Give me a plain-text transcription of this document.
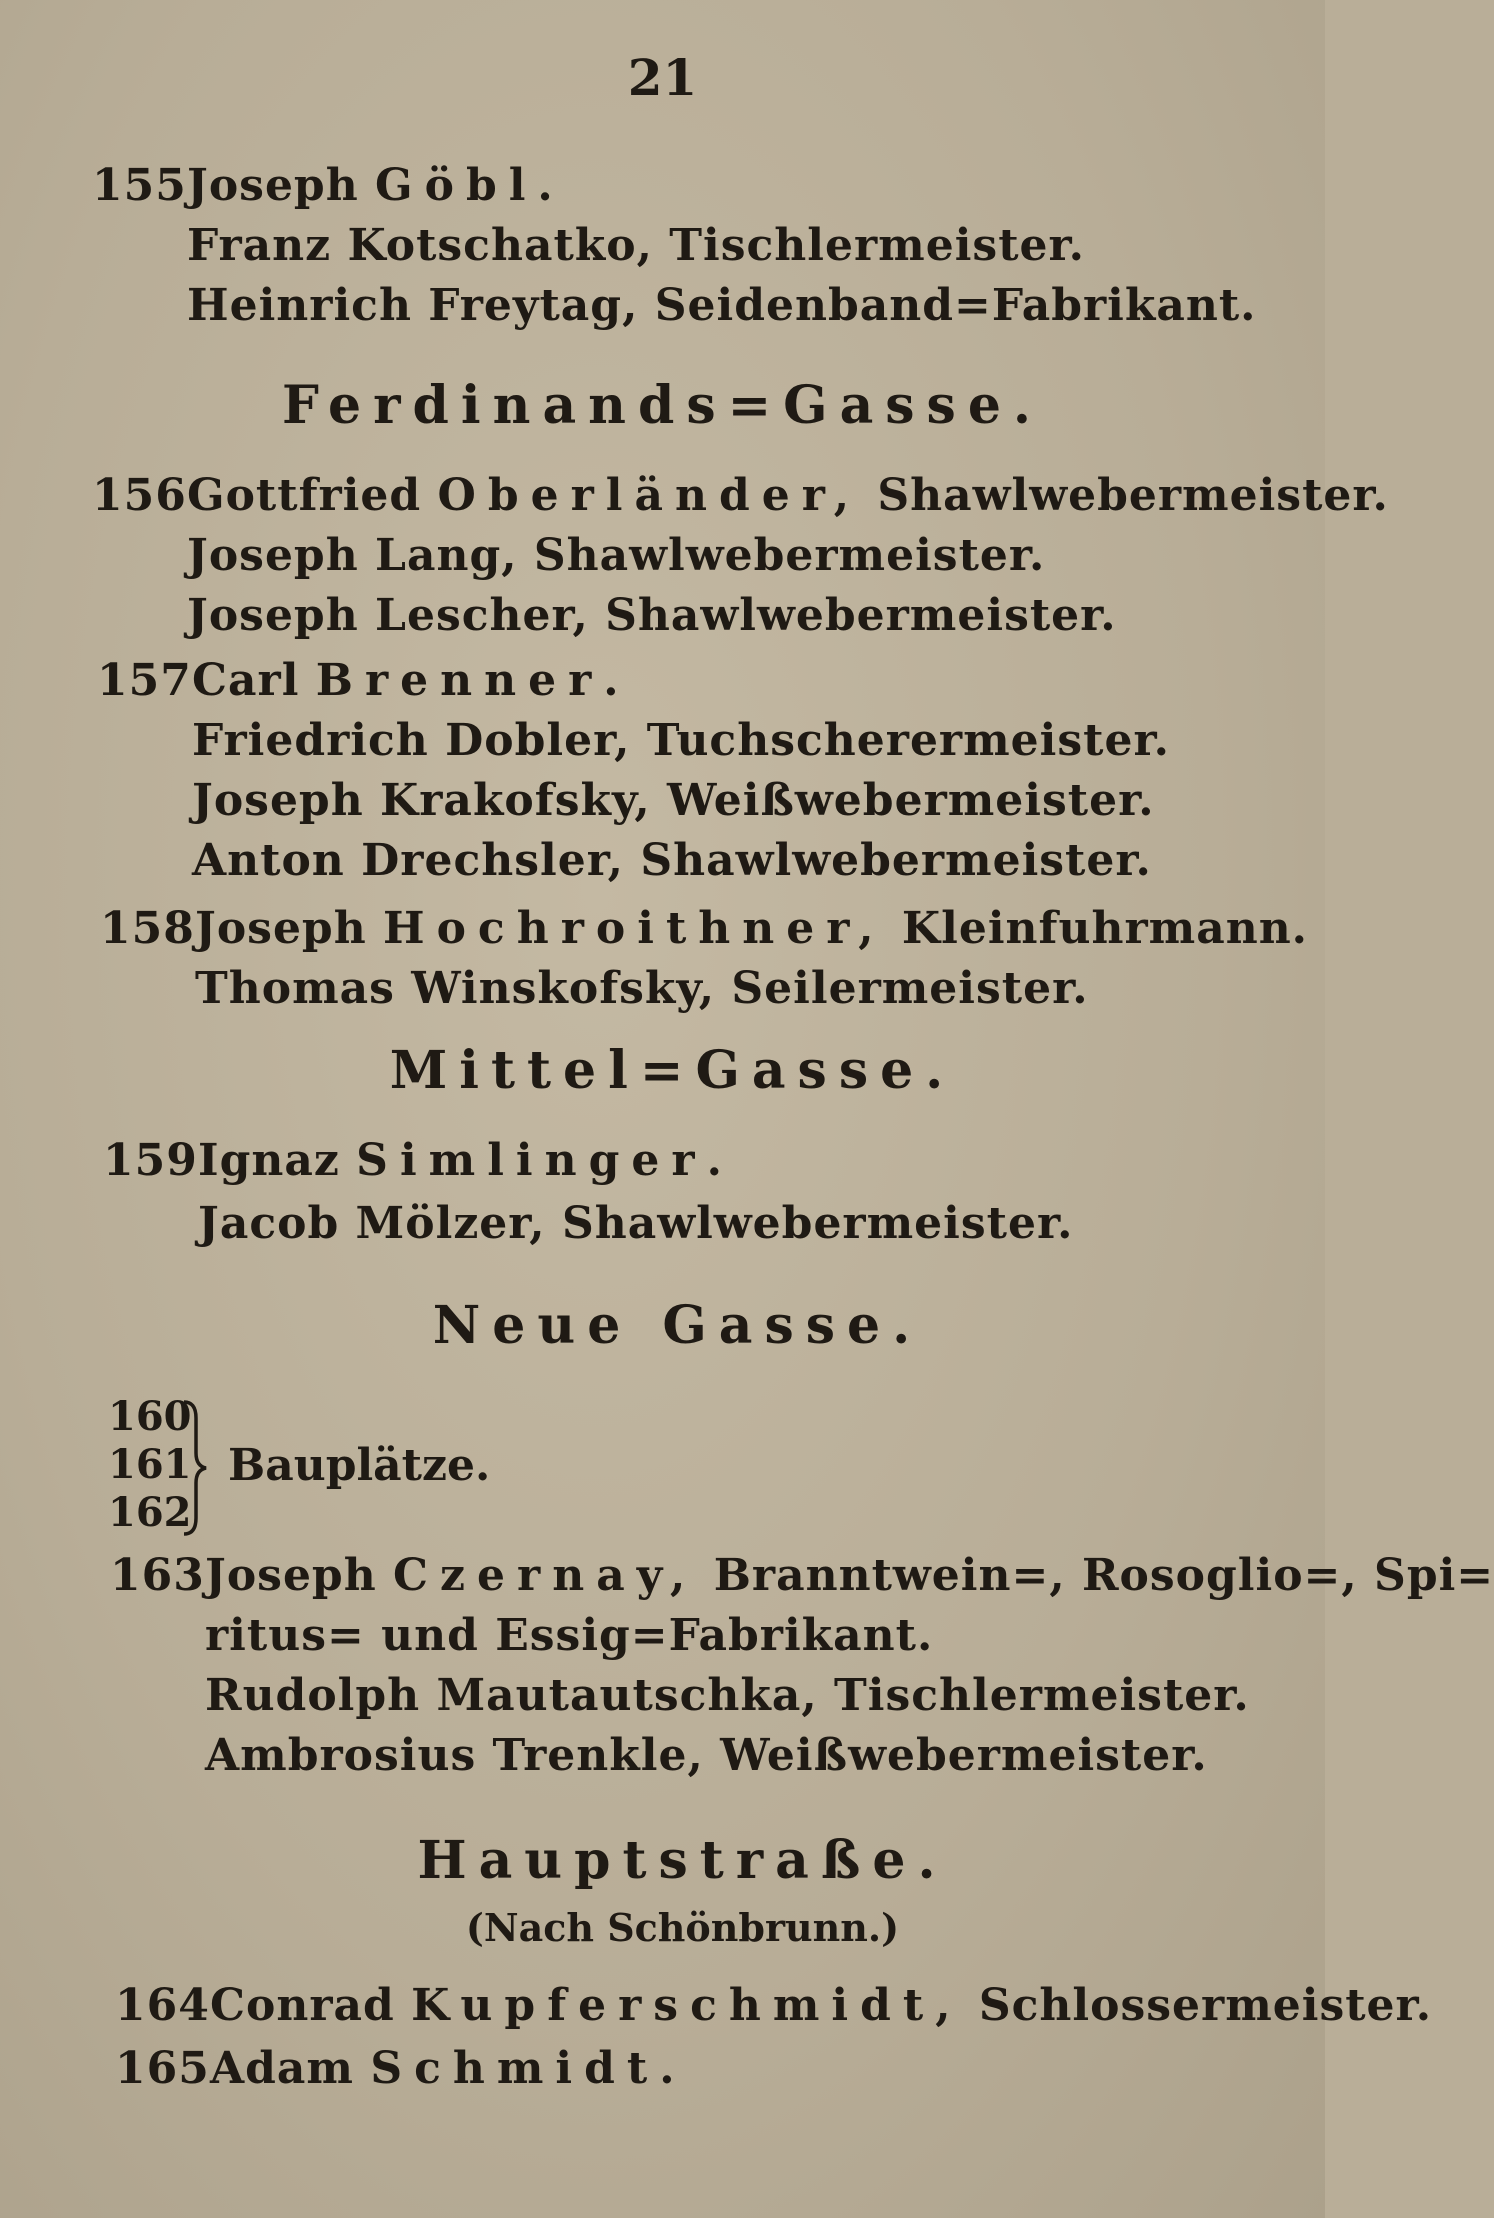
21
155Joseph Göbl.
Franz Kotschatko, Tischlermeister.
Heinrich Freytag, Seidenband=Fabrikant.
Ferdinands=Gasse.
156Gottfried Oberländer, Shawlwebermeister.
Joseph Lang, Shawlwebermeister.
Joseph Lescher, Shawlwebermeister.
157Carl Brenner.
Friedrich Dobler, Tuchscherermeister.
Joseph Krakofsky, Weißwebermeister.
Anton Drechsler, Shawlwebermeister.
158Joseph Hochroithner, Kleinfuhrmann.
Thomas Winskofsky, Seilermeister.
Mittel=Gasse.
159Ignaz Simlinger.
Jacob Mölzer, Shawlwebermeister.
Neue Gasse.
160
161
162
Bauplätze.
163Joseph Czernay, Branntwein=, Rosoglio=, Spi=
ritus= und Essig=Fabrikant.
Rudolph Mautautschka, Tischlermeister.
Ambrosius Trenkle, Weißwebermeister.
Hauptstraße.
(Nach Schönbrunn.)
164Conrad Kupferschmidt, Schlossermeister.
165Adam Schmidt.
